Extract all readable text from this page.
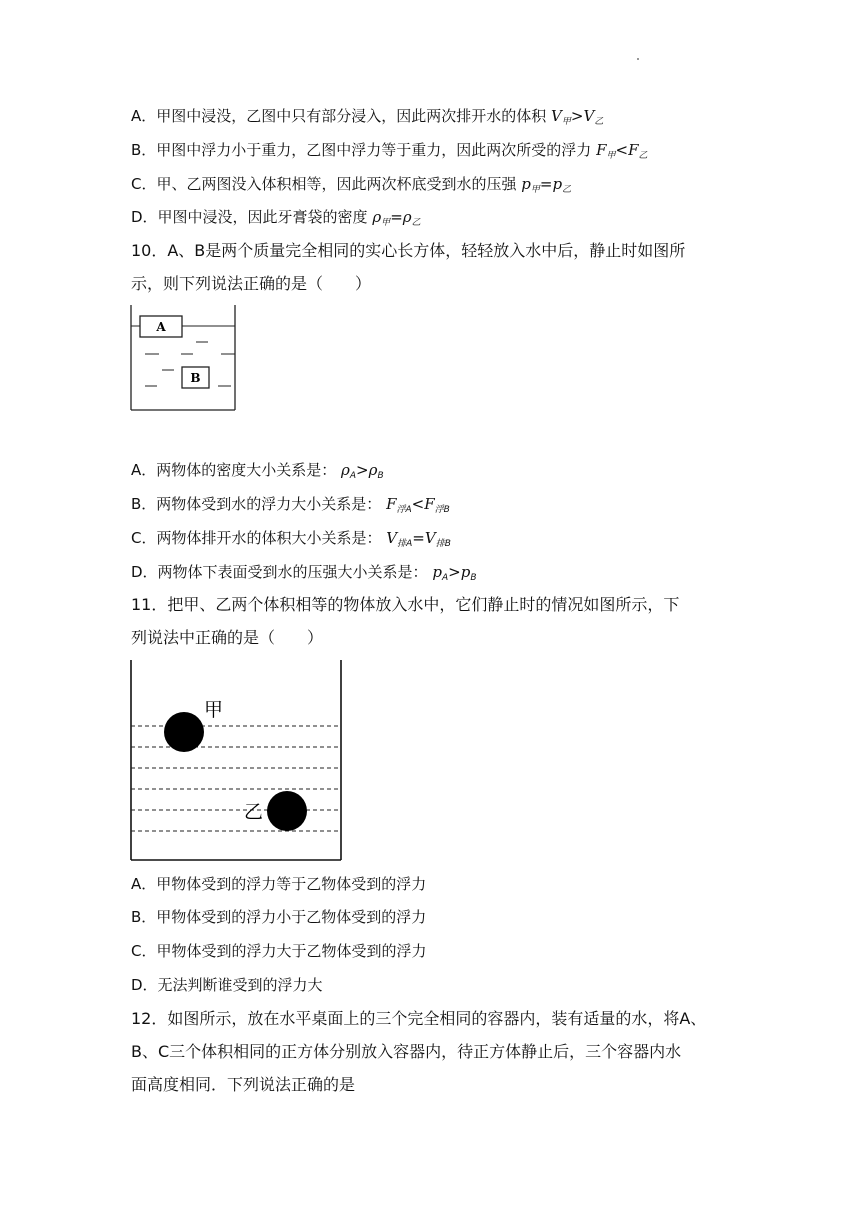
A．甲图中浸没，乙图中只有部分浸入，因此两次排开水的体积 $V_甲>V_乙$
B．甲图中浮力小于重力，乙图中浮力等于重力，因此两次所受的浮力 $F_甲<F_乙$
C．甲、乙两图没入体积相等，因此两次杯底受到水的压强 $p_甲=p_乙$
D．甲图中浸没，因此牙膏袋的密度 $\rho_甲=\rho_乙$
10．A、B是两个质量完全相同的实心长方体，轻轻放入水中后，静止时如图所
示，则下列说法正确的是（　　）
A
B
A．两物体的密度大小关系是： $\rho_A>\rho_B$
B．两物体受到水的浮力大小关系是： $F_{浮A}<F_{浮B}$
C．两物体排开水的体积大小关系是： $V_{排A}=V_{排B}$
D．两物体下表面受到水的压强大小关系是： $p_A>p_B$
11．把甲、乙两个体积相等的物体放入水中，它们静止时的情况如图所示，下
列说法中正确的是（　　）
甲
乙
A．甲物体受到的浮力等于乙物体受到的浮力
B．甲物体受到的浮力小于乙物体受到的浮力
C．甲物体受到的浮力大于乙物体受到的浮力
D．无法判断谁受到的浮力大
12．如图所示，放在水平桌面上的三个完全相同的容器内，装有适量的水，将A、
B、C三个体积相同的正方体分别放入容器内，待正方体静止后，三个容器内水
面高度相同．下列说法正确的是
